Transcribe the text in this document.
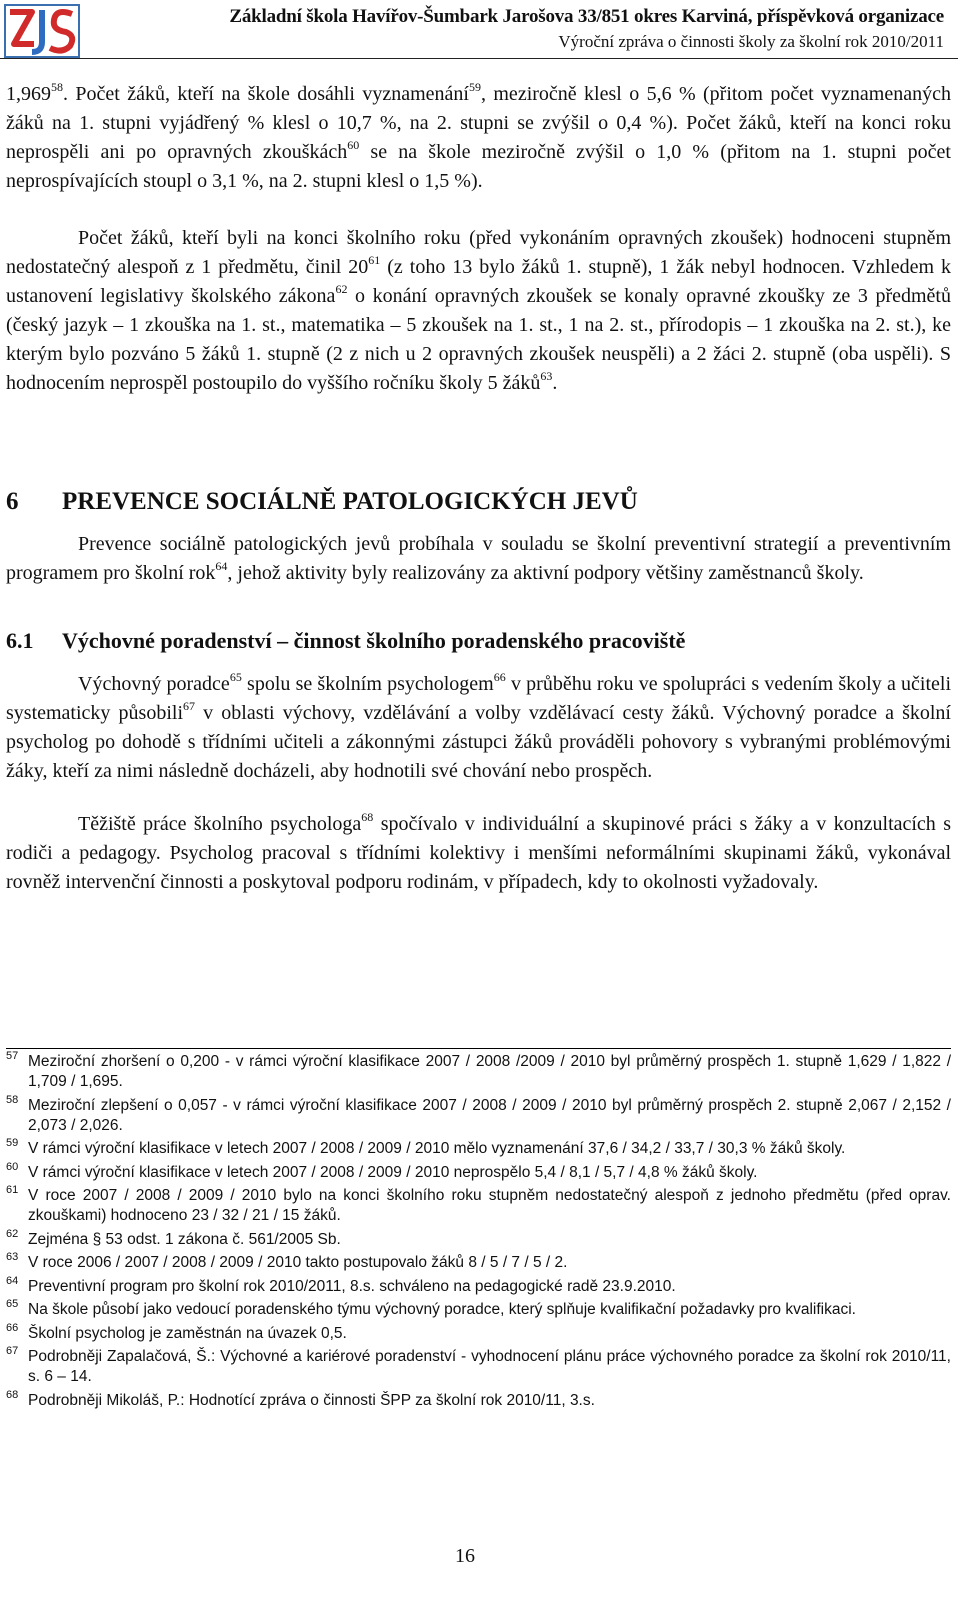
Základní škola Havířov-Šumbark Jarošova 33/851 okres Karviná, příspěvková organizace
Výroční zpráva o činnosti školy za školní rok 2010/2011

1,969$^{58}$. Počet žáků, kteří na škole dosáhli vyznamenání$^{59}$, meziročně klesl o 5,6 % (přitom počet vyznamenaných žáků na 1. stupni vyjádřený % klesl o 10,7 %, na 2. stupni se zvýšil o 0,4 %). Počet žáků, kteří na konci roku neprospěli ani po opravných zkouškách$^{60}$ se na škole meziročně zvýšil o 1,0 % (přitom na 1. stupni počet neprospívajících stoupl o 3,1 %, na 2. stupni klesl o 1,5 %).

Počet žáků, kteří byli na konci školního roku (před vykonáním opravných zkoušek) hodnoceni stupněm nedostatečný alespoň z 1 předmětu, činil $20^{61}$ (z toho 13 bylo žáků 1. stupně), 1 žák nebyl hodnocen. Vzhledem k ustanovení legislativy školského zákona$^{62}$ o konání opravných zkoušek se konaly opravné zkoušky ze 3 předmětů (český jazyk – 1 zkouška na 1. st., matematika – 5 zkoušek na 1. st., 1 na 2. st., přírodopis – 1 zkouška na 2. st.), ke kterým bylo pozváno 5 žáků 1. stupně (2 z nich u 2 opravných zkoušek neuspěli) a 2 žáci 2. stupně (oba uspěli). S hodnocením neprospěl postoupilo do vyššího ročníku školy 5 žáků$^{63}$.

6 PREVENCE SOCIÁLNĚ PATOLOGICKÝCH JEVŮ

Prevence sociálně patologických jevů probíhala v souladu se školní preventivní strategií a preventivním programem pro školní rok$^{64}$, jehož aktivity byly realizovány za aktivní podpory většiny zaměstnanců školy.

6.1 Výchovné poradenství – činnost školního poradenského pracoviště

Výchovný poradce$^{65}$ spolu se školním psychologem$^{66}$ v průběhu roku ve spolupráci s vedením školy a učiteli systematicky působili$^{67}$ v oblasti výchovy, vzdělávání a volby vzdělávací cesty žáků. Výchovný poradce a školní psycholog po dohodě s třídními učiteli a zákonnými zástupci žáků prováděli pohovory s vybranými problémovými žáky, kteří za nimi následně docházeli, aby hodnotili své chování nebo prospěch.

Těžiště práce školního psychologa$^{68}$ spočívalo v individuální a skupinové práci s žáky a v konzultacích s rodiči a pedagogy. Psycholog pracoval s třídními kolektivy i menšími neformálními skupinami žáků, vykonával rovněž intervenční činnosti a poskytoval podporu rodinám, v případech, kdy to okolnosti vyžadovaly.

57 Meziroční zhoršení o 0,200 - v rámci výroční klasifikace 2007 / 2008 /2009 / 2010 byl průměrný prospěch 1. stupně 1,629 / 1,822 / 1,709 / 1,695.
58 Meziroční zlepšení o 0,057 - v rámci výroční klasifikace 2007 / 2008 / 2009 / 2010 byl průměrný prospěch 2. stupně 2,067 / 2,152 / 2,073 / 2,026.
59 V rámci výroční klasifikace v letech 2007 / 2008 / 2009 / 2010 mělo vyznamenání 37,6 / 34,2 / 33,7 / 30,3 % žáků školy.
60 V rámci výroční klasifikace v letech 2007 / 2008 / 2009 / 2010 neprospělo 5,4 / 8,1 / 5,7 / 4,8 % žáků školy.
61 V roce 2007 / 2008 / 2009 / 2010 bylo na konci školního roku stupněm nedostatečný alespoň z jednoho předmětu (před oprav. zkouškami) hodnoceno 23 / 32 / 21 / 15 žáků.
62 Zejména § 53 odst. 1 zákona č. 561/2005 Sb.
63 V roce 2006 / 2007 / 2008 / 2009 / 2010 takto postupovalo žáků 8 / 5 / 7 / 5 / 2.
64 Preventivní program pro školní rok 2010/2011, 8.s. schváleno na pedagogické radě 23.9.2010.
65 Na škole působí jako vedoucí poradenského týmu výchovný poradce, který splňuje kvalifikační požadavky pro kvalifikaci.
66 Školní psycholog je zaměstnán na úvazek 0,5.
67 Podrobněji Zapalačová, Š.: Výchovné a kariérové poradenství - vyhodnocení plánu práce výchovného poradce za školní rok 2010/11, s. 6 – 14.
68 Podrobněji Mikoláš, P.: Hodnotící zpráva o činnosti ŠPP za školní rok 2010/11, 3.s.
16
